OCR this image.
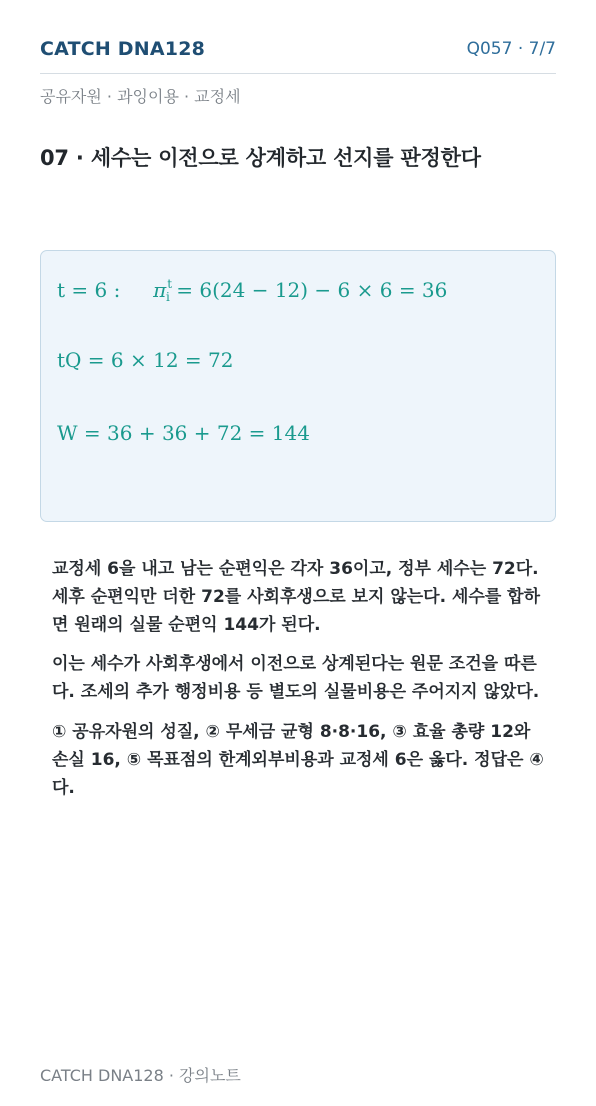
CATCH DNA128	Q057 · 7/7
공유자원 · 과잉이용 · 교정세
07 · 세수는 이전으로 상계하고 선지를 판정한다
t = 6 : $\pi^t_i = 6(24 - 12) - 6 \times 6 = 36$
tQ = 6 × 12 = 72
W = 36 + 36 + 72 = 144
교정세 6을 내고 남는 순편익은 각자 36이고, 정부 세수는 72다. 세후 순편익만 더한 72를 사회후생으로 보지 않는다. 세수를 합하면 원래의 실물 순편익 144가 된다.
이는 세수가 사회후생에서 이전으로 상계된다는 원문 조건을 따른다. 조세의 추가 행정비용 등 별도의 실물비용은 주어지지 않았다.
① 공유자원의 성질, ② 무세금 균형 8·8·16, ③ 효율 총량 12와 손실 16, ⑤ 목표점의 한계외부비용과 교정세 6은 옳다. 정답은 ④다.
CATCH DNA128 · 강의노트
